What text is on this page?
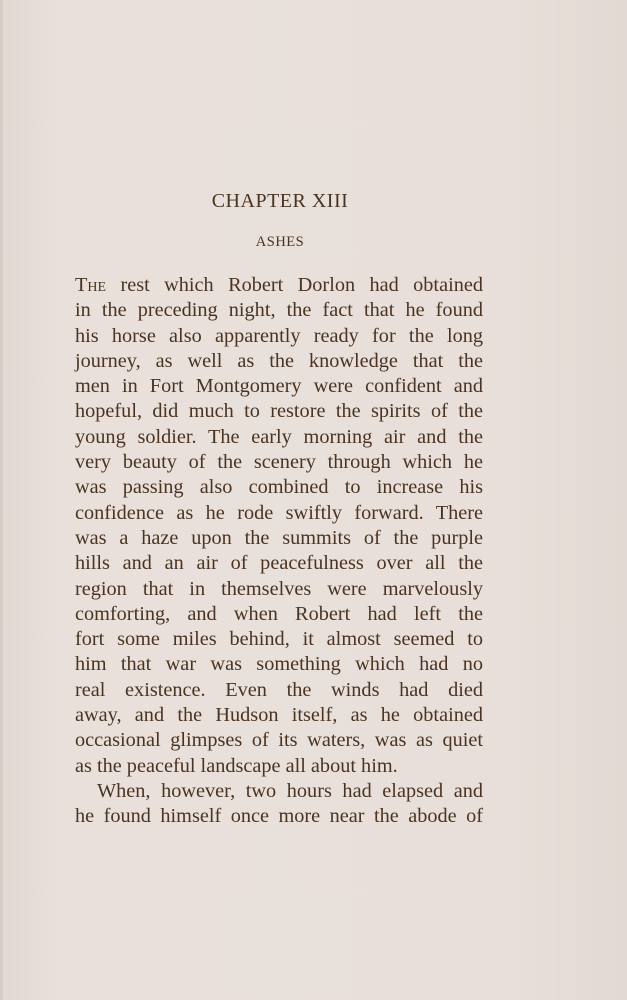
CHAPTER XIII
ASHES
The rest which Robert Dorlon had obtained
in the preceding night, the fact that he found
his horse also apparently ready for the long
journey, as well as the knowledge that the
men in Fort Montgomery were confident and
hopeful, did much to restore the spirits of the
young soldier. The early morning air and the
very beauty of the scenery through which he
was passing also combined to increase his
confidence as he rode swiftly forward. There
was a haze upon the summits of the purple
hills and an air of peacefulness over all the
region that in themselves were marvelously
comforting, and when Robert had left the
fort some miles behind, it almost seemed to
him that war was something which had no
real existence. Even the winds had died
away, and the Hudson itself, as he obtained
occasional glimpses of its waters, was as quiet
as the peaceful landscape all about him.
When, however, two hours had elapsed and
he found himself once more near the abode of
